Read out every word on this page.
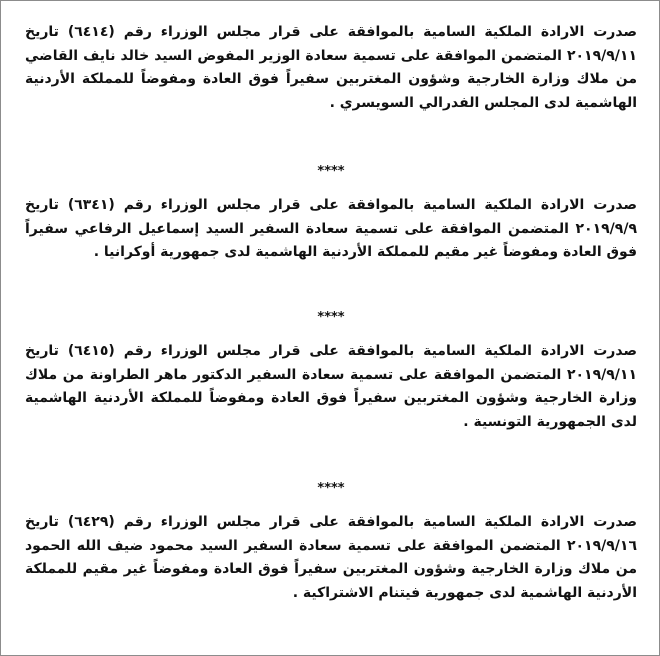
صدرت الارادة الملكية السامية بالموافقة على قرار مجلس الوزراء رقم (٦٤١٤) تاريخ ٢٠١٩/٩/١١ المتضمن الموافقة على تسمية سعادة الوزير المفوض السيد خالد نايف القاضي من ملاك وزارة الخارجية وشؤون المغتربين سفيراً فوق العادة ومفوضاً للمملكة الأردنية الهاشمية لدى المجلس الفدرالي السويسري .

****

صدرت الارادة الملكية السامية بالموافقة على قرار مجلس الوزراء رقم (٦٣٤١) تاريخ ٢٠١٩/٩/٩ المتضمن الموافقة على تسمية سعادة السفير السيد إسماعيل الرفاعي سفيراً فوق العادة ومفوضاً غير مقيم للمملكة الأردنية الهاشمية لدى جمهورية أوكرانيا .

****

صدرت الارادة الملكية السامية بالموافقة على قرار مجلس الوزراء رقم (٦٤١٥) تاريخ ٢٠١٩/٩/١١ المتضمن الموافقة على تسمية سعادة السفير الدكتور ماهر الطراونة من ملاك وزارة الخارجية وشؤون المغتربين سفيراً فوق العادة ومفوضاً للمملكة الأردنية الهاشمية لدى الجمهورية التونسية .

****

صدرت الارادة الملكية السامية بالموافقة على قرار مجلس الوزراء رقم (٦٤٢٩) تاريخ ٢٠١٩/٩/١٦ المتضمن الموافقة على تسمية سعادة السفير السيد محمود ضيف الله الحمود من ملاك وزارة الخارجية وشؤون المغتربين سفيراً فوق العادة ومفوضاً غير مقيم للمملكة الأردنية الهاشمية لدى جمهورية فيتنام الاشتراكية .
